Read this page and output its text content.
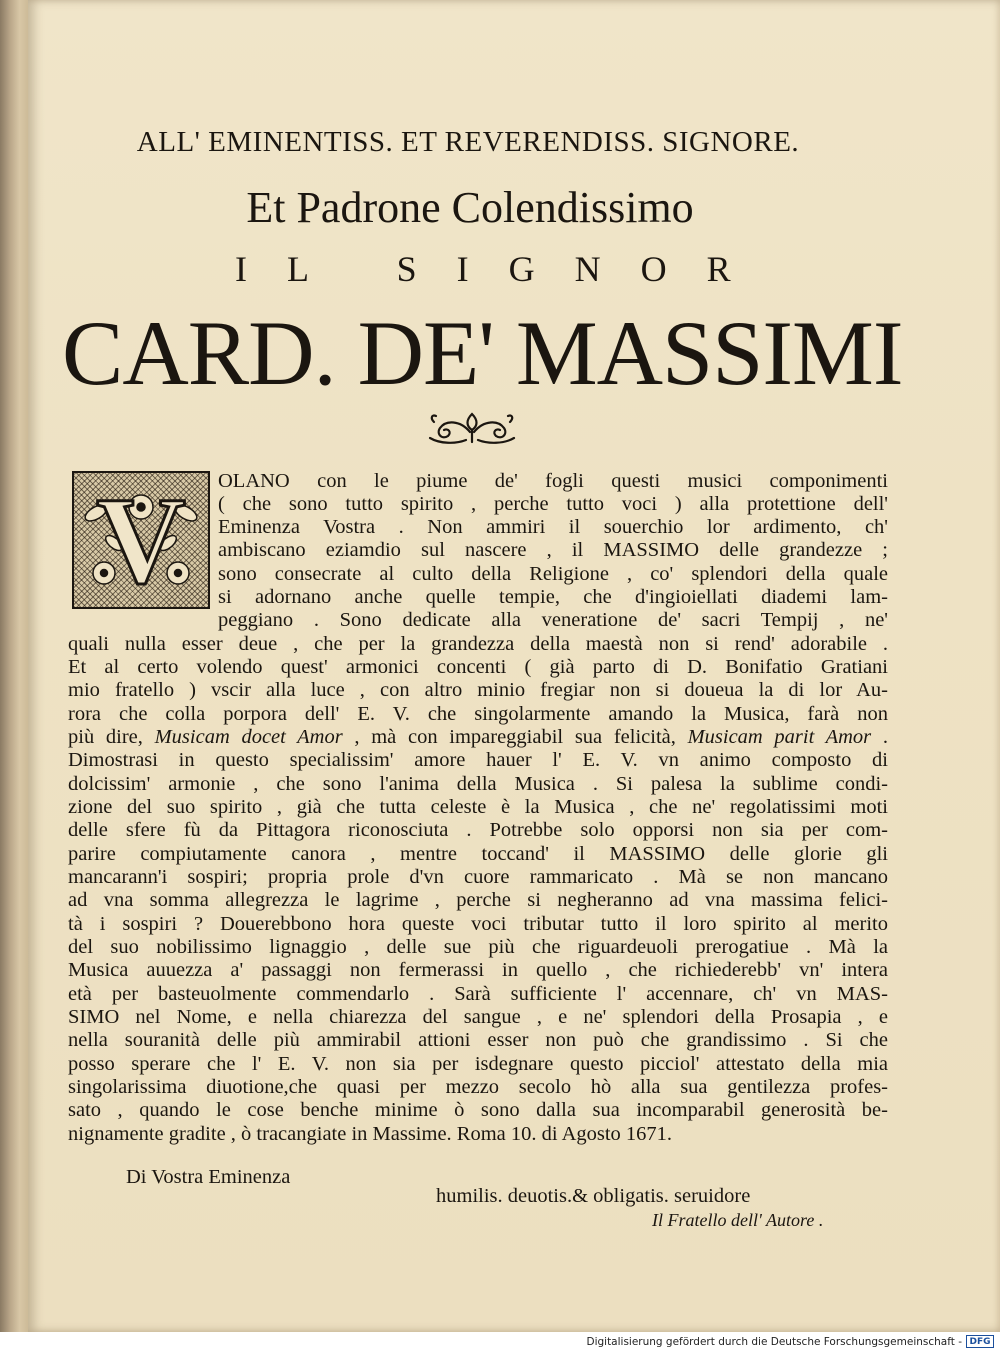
ALL' EMINENTISS. ET REVERENDISS. SIGNORE.
Et Padrone Colendissimo
IL SIGNOR
CARD. DE' MASSIMI
V	OLANO con le piume de' fogli questi musici componimenti
( che sono tutto spirito , perche tutto voci ) alla protettione dell'
Eminenza Vostra . Non ammiri il souerchio lor ardimento, ch'
ambiscano eziamdio sul nascere , il MASSIMO delle grandezze ;
sono consecrate al culto della Religione , co' splendori della quale
si adornano anche quelle tempie, che d'ingioiellati diademi lam-
peggiano . Sono dedicate alla veneratione de' sacri Tempij , ne'
quali nulla esser deue , che per la grandezza della maestà non si rend' adorabile .
Et al certo volendo quest' armonici concenti ( già parto di D. Bonifatio Gratiani
mio fratello ) vscir alla luce , con altro minio fregiar non si doueua la di lor Au-
rora che colla porpora dell' E. V. che singolarmente amando la Musica, farà non
più dire, Musicam docet Amor , mà con impareggiabil sua felicità, Musicam parit Amor .
Dimostrasi in questo specialissim' amore hauer l' E. V. vn animo composto di
dolcissim' armonie , che sono l'anima della Musica . Si palesa la sublime condi-
zione del suo spirito , già che tutta celeste è la Musica , che ne' regolatissimi moti
delle sfere fù da Pittagora riconosciuta . Potrebbe solo opporsi non sia per com-
parire compiutamente canora , mentre toccand' il MASSIMO delle glorie gli
mancarann'i sospiri; propria prole d'vn cuore rammaricato . Mà se non mancano
ad vna somma allegrezza le lagrime , perche si negheranno ad vna massima felici-
tà i sospiri ? Douerebbono hora queste voci tributar tutto il loro spirito al merito
del suo nobilissimo lignaggio , delle sue più che riguardeuoli prerogatiue . Mà la
Musica auuezza a' passaggi non fermerassi in quello , che richiederebb' vn' intera
età per basteuolmente commendarlo . Sarà sufficiente l' accennare, ch' vn MAS-
SIMO nel Nome, e nella chiarezza del sangue , e ne' splendori della Prosapia , e
nella souranità delle più ammirabil attioni esser non può che grandissimo . Si che
posso sperare che l' E. V. non sia per isdegnare questo picciol' attestato della mia
singolarissima diuotione,che quasi per mezzo secolo hò alla sua gentilezza profes-
sato , quando le cose benche minime ò sono dalla sua incomparabil generosità be-
nignamente gradite , ò tracangiate in Massime. Roma 10. di Agosto 1671.
Di Vostra Eminenza
humilis. deuotis.& obligatis. seruidore
Il Fratello dell' Autore .
Digitalisierung gefördert durch die Deutsche Forschungsgemeinschaft - DFG
